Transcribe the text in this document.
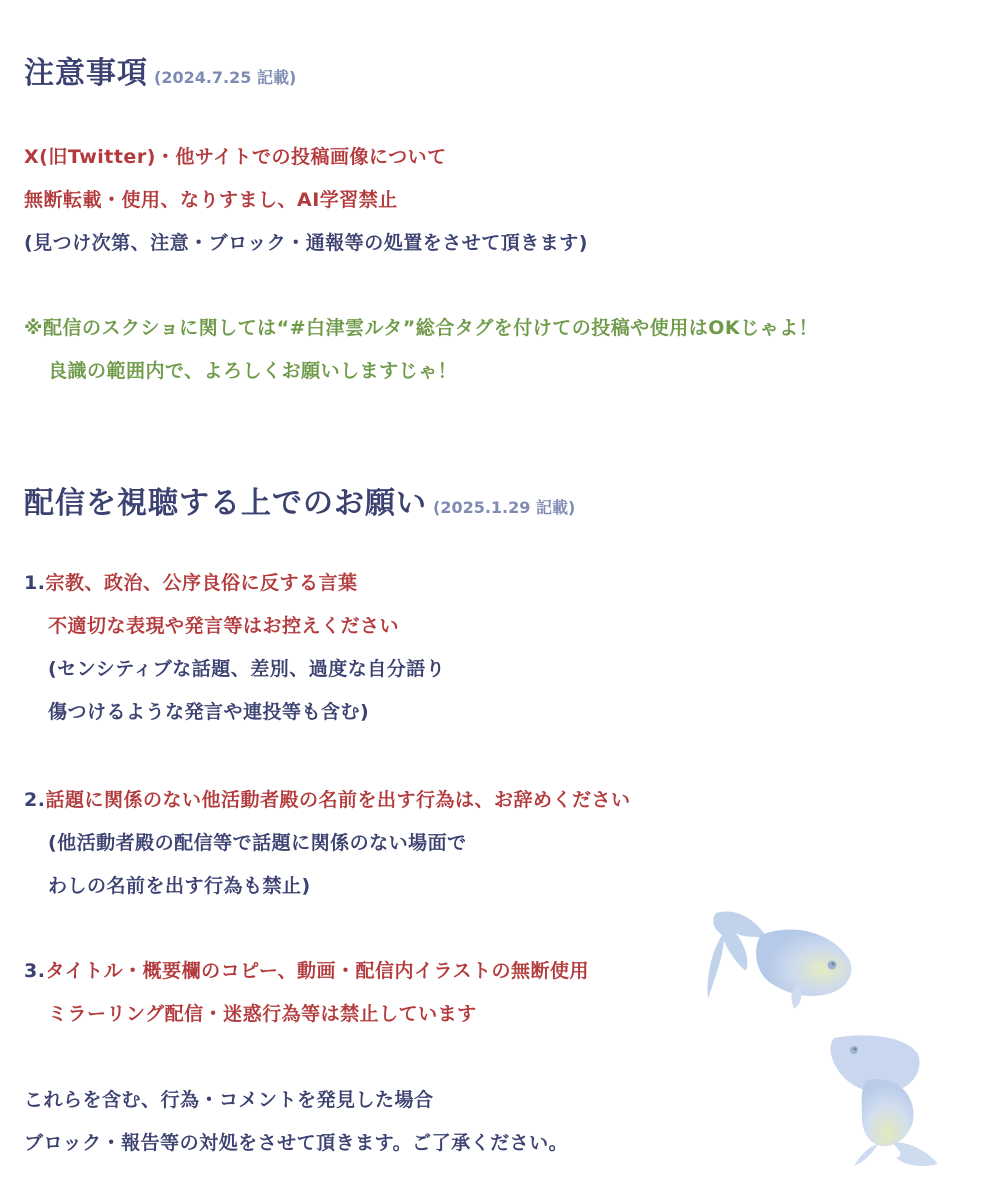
注意事項 (2024.7.25 記載)
X(旧Twitter)・他サイトでの投稿画像について
無断転載・使用、なりすまし、AI学習禁止
(見つけ次第、注意・ブロック・通報等の処置をさせて頂きます)
※配信のスクショに関しては“#白津雲ルタ”総合タグを付けての投稿や使用はOKじゃよ！
良識の範囲内で、よろしくお願いしますじゃ！
配信を視聴する上でのお願い (2025.1.29 記載)
1.宗教、政治、公序良俗に反する言葉
不適切な表現や発言等はお控えください
(センシティブな話題、差別、過度な自分語り
傷つけるような発言や連投等も含む)
2.話題に関係のない他活動者殿の名前を出す行為は、お辞めください
(他活動者殿の配信等で話題に関係のない場面で
わしの名前を出す行為も禁止)
3.タイトル・概要欄のコピー、動画・配信内イラストの無断使用
ミラーリング配信・迷惑行為等は禁止しています
これらを含む、行為・コメントを発見した場合
ブロック・報告等の対処をさせて頂きます。ご了承ください。
